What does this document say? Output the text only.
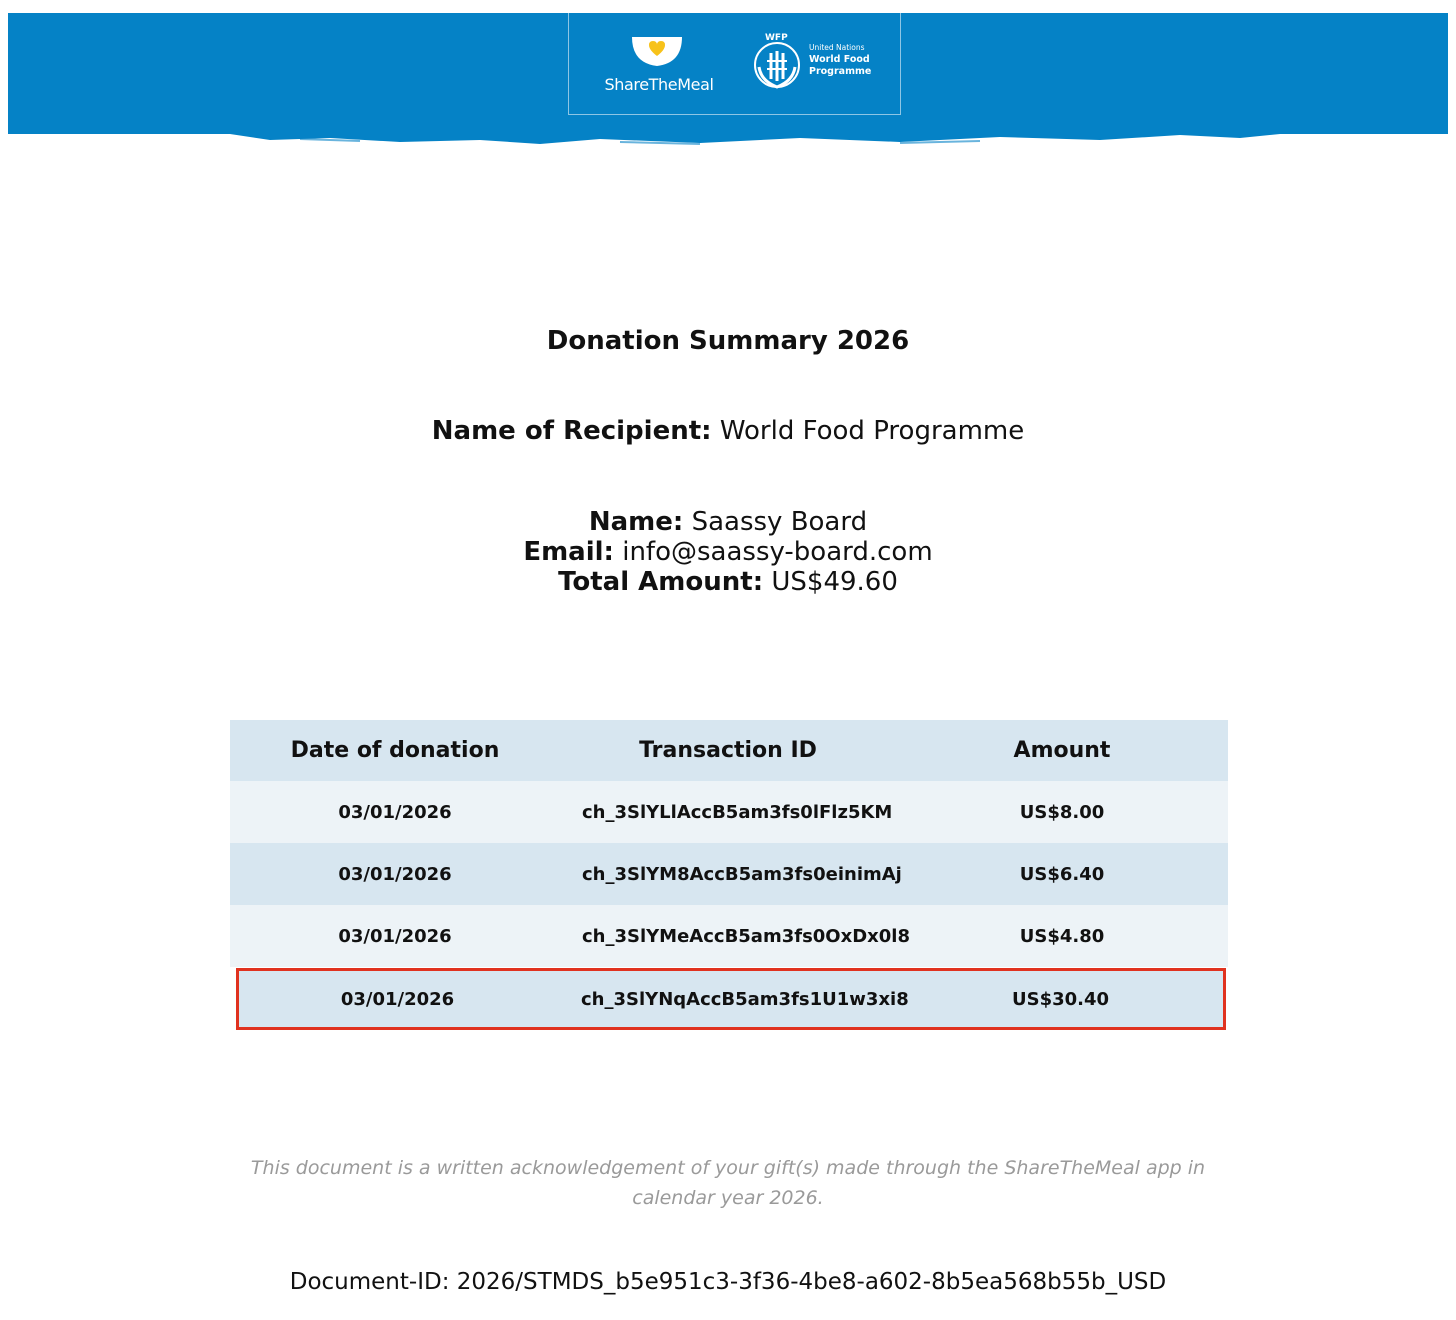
ShareTheMeal
WFP
United Nations
World Food
Programme
Donation Summary 2026
Name of Recipient: World Food Programme
Name: Saassy Board
Email: info@saassy-board.com
Total Amount: US$49.60
Date of donation	Transaction ID	Amount
03/01/2026	ch_3SlYLlAccB5am3fs0lFlz5KM	US$8.00
03/01/2026	ch_3SlYM8AccB5am3fs0einimAj	US$6.40
03/01/2026	ch_3SlYMeAccB5am3fs0OxDx0l8	US$4.80
03/01/2026	ch_3SlYNqAccB5am3fs1U1w3xi8	US$30.40
This document is a written acknowledgement of your gift(s) made through the ShareTheMeal app in calendar year 2026.
Document-ID: 2026/STMDS_b5e951c3-3f36-4be8-a602-8b5ea568b55b_USD
